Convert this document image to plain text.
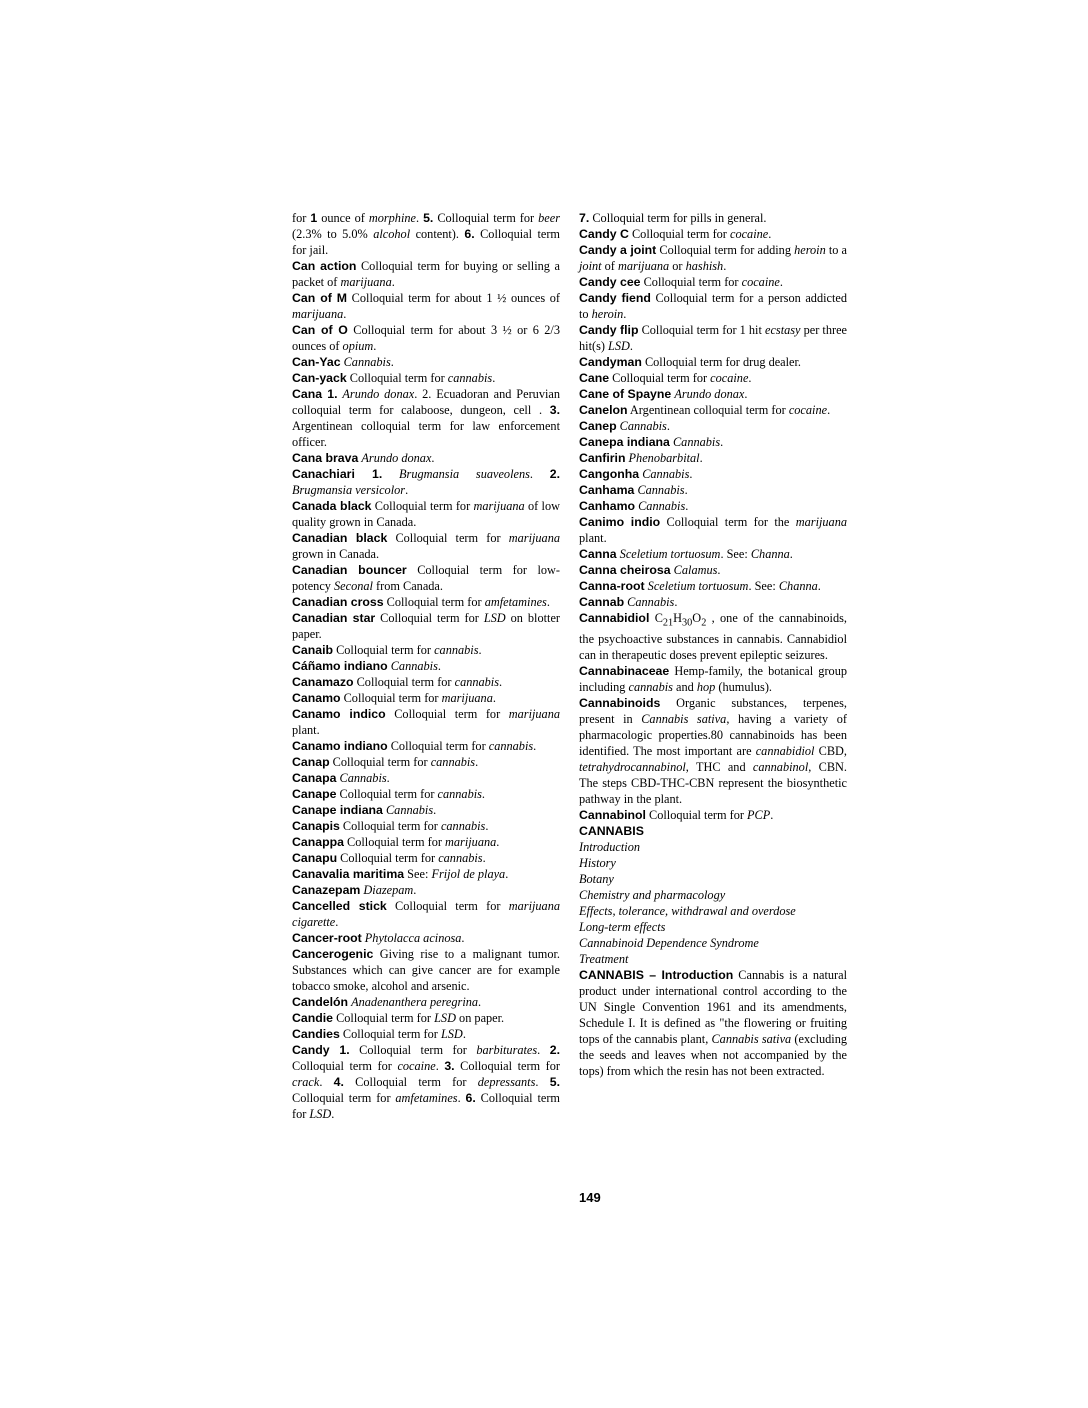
for 1 ounce of morphine. 5. Colloquial term for beer (2.3% to 5.0% alcohol content). 6. Colloquial term for jail.

Can action Colloquial term for buying or selling a packet of marijuana.

Can of M Colloquial term for about 1 ½ ounces of marijuana.

Can of O Colloquial term for about 3 ½ or 6 2/3 ounces of opium.

Can-Yac Cannabis.

Can-yack Colloquial term for cannabis.

Cana 1. Arundo donax. 2. Ecuadoran and Peruvian colloquial term for calaboose, dungeon, cell . 3. Argentinean colloquial term for law enforcement officer.

Cana brava Arundo donax.

Canachiari 1. Brugmansia suaveolens. 2. Brugmansia versicolor.

Canada black Colloquial term for marijuana of low quality grown in Canada.

Canadian black Colloquial term for marijuana grown in Canada.

Canadian bouncer Colloquial term for low-potency Seconal from Canada.

Canadian cross Colloquial term for amfetamines.

Canadian star Colloquial term for LSD on blotter paper.

Canaib Colloquial term for cannabis.

Cáñamo indiano Cannabis.

Canamazo Colloquial term for cannabis.

Canamo Colloquial term for marijuana.

Canamo indico Colloquial term for marijuana plant.

Canamo indiano Colloquial term for cannabis.

Canap Colloquial term for cannabis.

Canapa Cannabis.

Canape Colloquial term for cannabis.

Canape indiana Cannabis.

Canapis Colloquial term for cannabis.

Canappa Colloquial term for marijuana.

Canapu Colloquial term for cannabis.

Canavalia maritima See: Frijol de playa.

Canazepam Diazepam.

Cancelled stick Colloquial term for marijuana cigarette.

Cancer-root Phytolacca acinosa.

Cancerogenic Giving rise to a malignant tumor. Substances which can give cancer are for example tobacco smoke, alcohol and arsenic.

Candelón Anadenanthera peregrina.

Candie Colloquial term for LSD on paper.

Candies Colloquial term for LSD.

Candy 1. Colloquial term for barbiturates. 2. Colloquial term for cocaine. 3. Colloquial term for crack. 4. Colloquial term for depressants. 5. Colloquial term for amfetamines. 6. Colloquial term for LSD.

7. Colloquial term for pills in general.

Candy C Colloquial term for cocaine.

Candy a joint Colloquial term for adding heroin to a joint of marijuana or hashish.

Candy cee Colloquial term for cocaine.

Candy fiend Colloquial term for a person addicted to heroin.

Candy flip Colloquial term for 1 hit ecstasy per three hit(s) LSD.

Candyman Colloquial term for drug dealer.

Cane Colloquial term for cocaine.

Cane of Spayne Arundo donax.

Canelon Argentinean colloquial term for cocaine.

Canep Cannabis.

Canepa indiana Cannabis.

Canfirin Phenobarbital.

Cangonha Cannabis.

Canhama Cannabis.

Canhamo Cannabis.

Canimo indio Colloquial term for the marijuana plant.

Canna Sceletium tortuosum. See: Channa.

Canna cheirosa Calamus.

Canna-root Sceletium tortuosum. See: Channa.

Cannab Cannabis.

Cannabidiol $C_{21}H_{30}O_2$ , one of the cannabinoids, the psychoactive substances in cannabis. Cannabidiol can in therapeutic doses prevent epileptic seizures.

Cannabinaceae Hemp-family, the botanical group including cannabis and hop (humulus).

Cannabinoids Organic substances, terpenes, present in Cannabis sativa, having a variety of pharmacologic properties.80 cannabinoids has been identified. The most important are cannabidiol CBD, tetrahydrocannabinol, THC and cannabinol, CBN. The steps CBD-THC-CBN represent the biosynthetic pathway in the plant.

Cannabinol Colloquial term for PCP.

CANNABIS

Introduction

History

Botany

Chemistry and pharmacology

Effects, tolerance, withdrawal and overdose

Long-term effects

Cannabinoid Dependence Syndrome

Treatment

CANNABIS – Introduction Cannabis is a natural product under international control according to the UN Single Convention 1961 and its amendments, Schedule I. It is defined as "the flowering or fruiting tops of the cannabis plant, Cannabis sativa (excluding the seeds and leaves when not accompanied by the tops) from which the resin has not been extracted.

149
